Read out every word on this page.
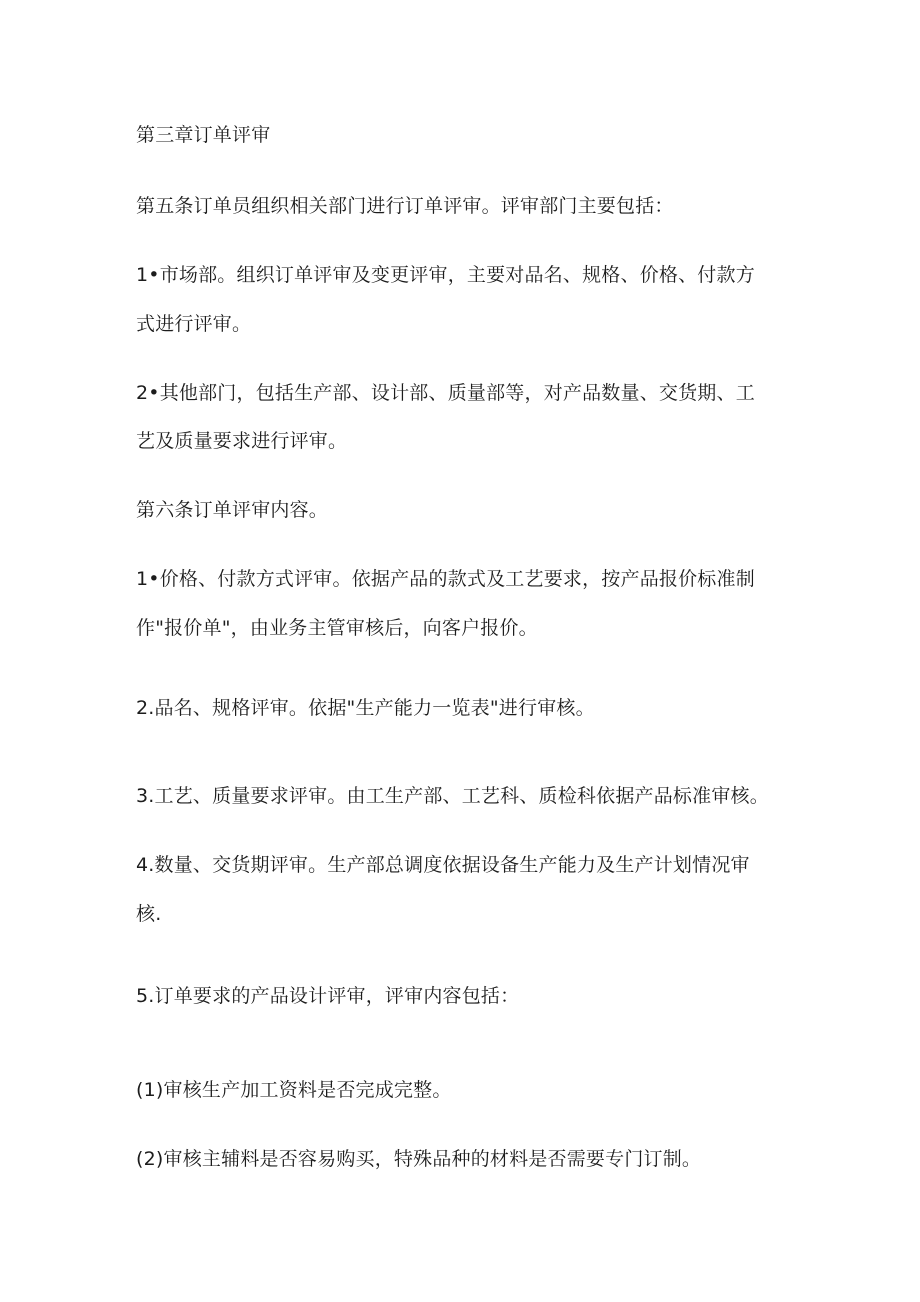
第三章订单评审

第五条订单员组织相关部门进行订单评审。评审部门主要包括：

1•市场部。组织订单评审及变更评审，主要对品名、规格、价格、付款方

式进行评审。

2•其他部门，包括生产部、设计部、质量部等，对产品数量、交货期、工

艺及质量要求进行评审。

第六条订单评审内容。

1•价格、付款方式评审。依据产品的款式及工艺要求，按产品报价标准制

作"报价单"，由业务主管审核后，向客户报价。

2.品名、规格评审。依据"生产能力一览表"进行审核。

3.工艺、质量要求评审。由工生产部、工艺科、质检科依据产品标准审核。

4.数量、交货期评审。生产部总调度依据设备生产能力及生产计划情况审

核.

5.订单要求的产品设计评审，评审内容包括：

(1)审核生产加工资料是否完成完整。

(2)审核主辅料是否容易购买，特殊品种的材料是否需要专门订制。
